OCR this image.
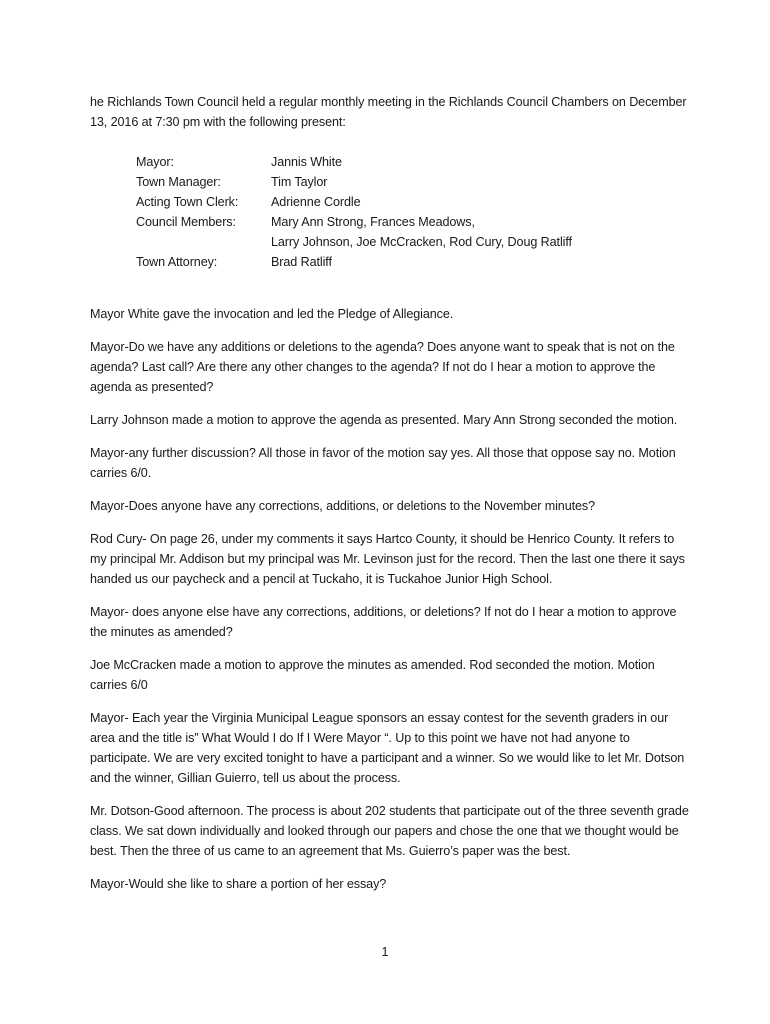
he Richlands Town Council held a regular monthly meeting in the Richlands Council Chambers on December 13, 2016 at 7:30 pm with the following present:

Mayor:	Jannis White
Town Manager:	Tim Taylor
Acting Town Clerk:	Adrienne Cordle
Council Members:	Mary Ann Strong, Frances Meadows,
Larry Johnson, Joe McCracken, Rod Cury, Doug Ratliff
Town Attorney:	Brad Ratliff

Mayor White gave the invocation and led the Pledge of Allegiance.

Mayor-Do we have any additions or deletions to the agenda? Does anyone want to speak that is not on the agenda? Last call? Are there any other changes to the agenda? If not do I hear a motion to approve the agenda as presented?

Larry Johnson made a motion to approve the agenda as presented. Mary Ann Strong seconded the motion.

Mayor-any further discussion? All those in favor of the motion say yes. All those that oppose say no. Motion carries 6/0.

Mayor-Does anyone have any corrections, additions, or deletions to the November minutes?

Rod Cury- On page 26, under my comments it says Hartco County, it should be Henrico County. It refers to my principal Mr. Addison but my principal was Mr. Levinson just for the record. Then the last one there it says handed us our paycheck and a pencil at Tuckaho, it is Tuckahoe Junior High School.

Mayor- does anyone else have any corrections, additions, or deletions? If not do I hear a motion to approve the minutes as amended?

Joe McCracken made a motion to approve the minutes as amended. Rod seconded the motion. Motion carries 6/0

Mayor- Each year the Virginia Municipal League sponsors an essay contest for the seventh graders in our area and the title is” What Would I do If I Were Mayor “. Up to this point we have not had anyone to participate. We are very excited tonight to have a participant and a winner. So we would like to let Mr. Dotson and the winner, Gillian Guierro, tell us about the process.

Mr. Dotson-Good afternoon. The process is about 202 students that participate out of the three seventh grade class. We sat down individually and looked through our papers and chose the one that we thought would be best. Then the three of us came to an agreement that Ms. Guierro’s paper was the best.

Mayor-Would she like to share a portion of her essay?

1
